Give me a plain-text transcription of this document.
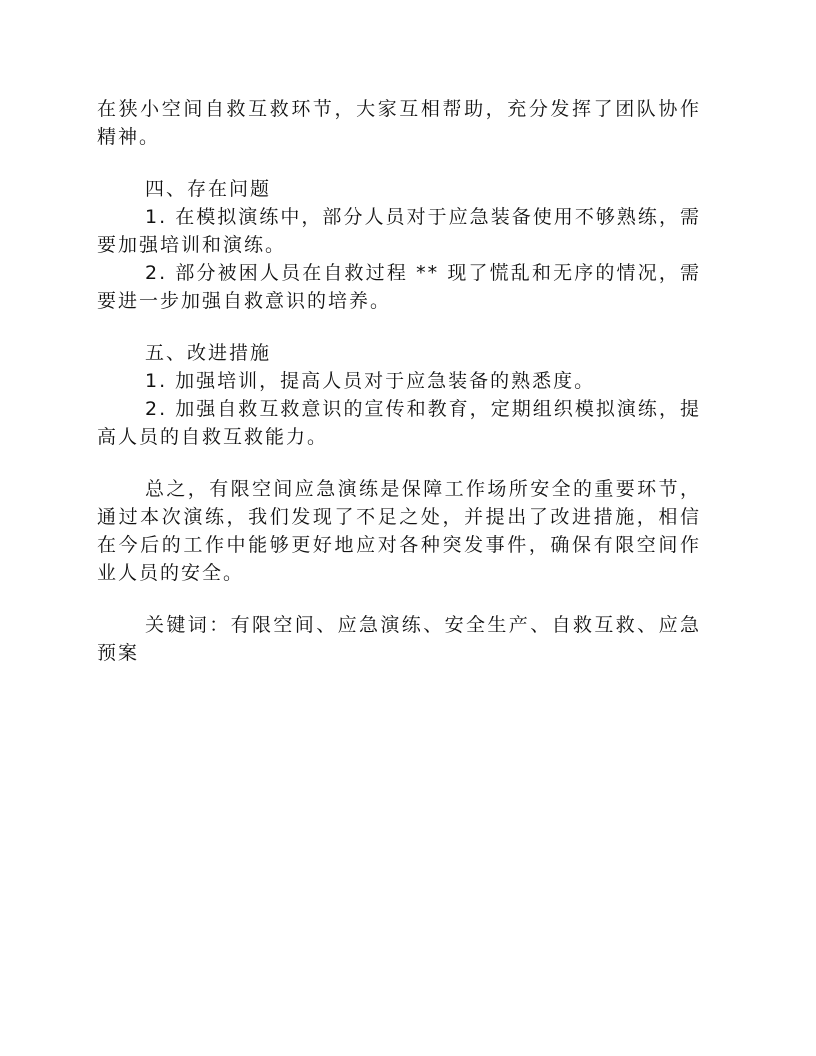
在狭小空间自救互救环节，大家互相帮助，充分发挥了团队协作精神。

四、存在问题

1. 在模拟演练中，部分人员对于应急装备使用不够熟练，需要加强培训和演练。

2. 部分被困人员在自救过程 ** 现了慌乱和无序的情况，需要进一步加强自救意识的培养。

五、改进措施

1. 加强培训，提高人员对于应急装备的熟悉度。

2. 加强自救互救意识的宣传和教育，定期组织模拟演练，提高人员的自救互救能力。

总之，有限空间应急演练是保障工作场所安全的重要环节，通过本次演练，我们发现了不足之处，并提出了改进措施，相信在今后的工作中能够更好地应对各种突发事件，确保有限空间作业人员的安全。

关键词：有限空间、应急演练、安全生产、自救互救、应急预案
